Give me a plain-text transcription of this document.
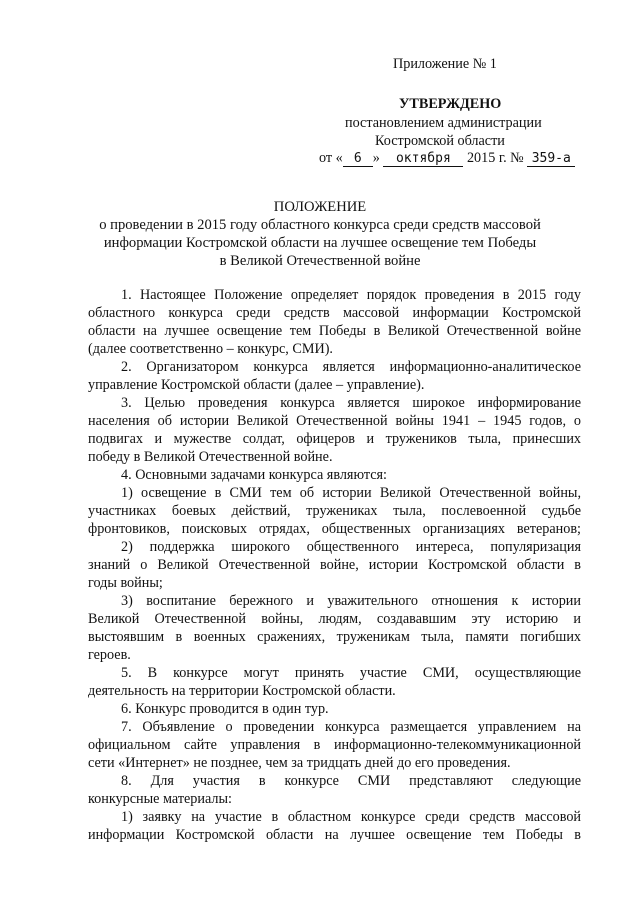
Приложение № 1
УТВЕРЖДЕНО
постановлением администрации
Костромской области
от « 6 » октября 2015 г. № 359-а
ПОЛОЖЕНИЕ
о проведении в 2015 году областного конкурса среди средств массовой
информации Костромской области на лучшее освещение тем Победы
в Великой Отечественной войне
1. Настоящее Положение определяет порядок проведения в 2015 году
областного конкурса среди средств массовой информации Костромской
области на лучшее освещение тем Победы в Великой Отечественной войне
(далее соответственно – конкурс, СМИ).
2. Организатором конкурса является информационно-аналитическое
управление Костромской области (далее – управление).
3. Целью проведения конкурса является широкое информирование
населения об истории Великой Отечественной войны 1941 – 1945 годов, о
подвигах и мужестве солдат, офицеров и тружеников тыла, принесших
победу в Великой Отечественной войне.
4. Основными задачами конкурса являются:
1) освещение в СМИ тем об истории Великой Отечественной войны,
участниках боевых действий, тружениках тыла, послевоенной судьбе
фронтовиков, поисковых отрядах, общественных организациях ветеранов;
2) поддержка широкого общественного интереса, популяризация
знаний о Великой Отечественной войне, истории Костромской области в
годы войны;
3) воспитание бережного и уважительного отношения к истории
Великой Отечественной войны, людям, создававшим эту историю и
выстоявшим в военных сражениях, труженикам тыла, памяти погибших
героев.
5. В конкурсе могут принять участие СМИ, осуществляющие
деятельность на территории Костромской области.
6. Конкурс проводится в один тур.
7. Объявление о проведении конкурса размещается управлением на
официальном сайте управления в информационно-телекоммуникационной
сети «Интернет» не позднее, чем за тридцать дней до его проведения.
8. Для участия в конкурсе СМИ представляют следующие
конкурсные материалы:
1) заявку на участие в областном конкурсе среди средств массовой
информации Костромской области на лучшее освещение тем Победы в
